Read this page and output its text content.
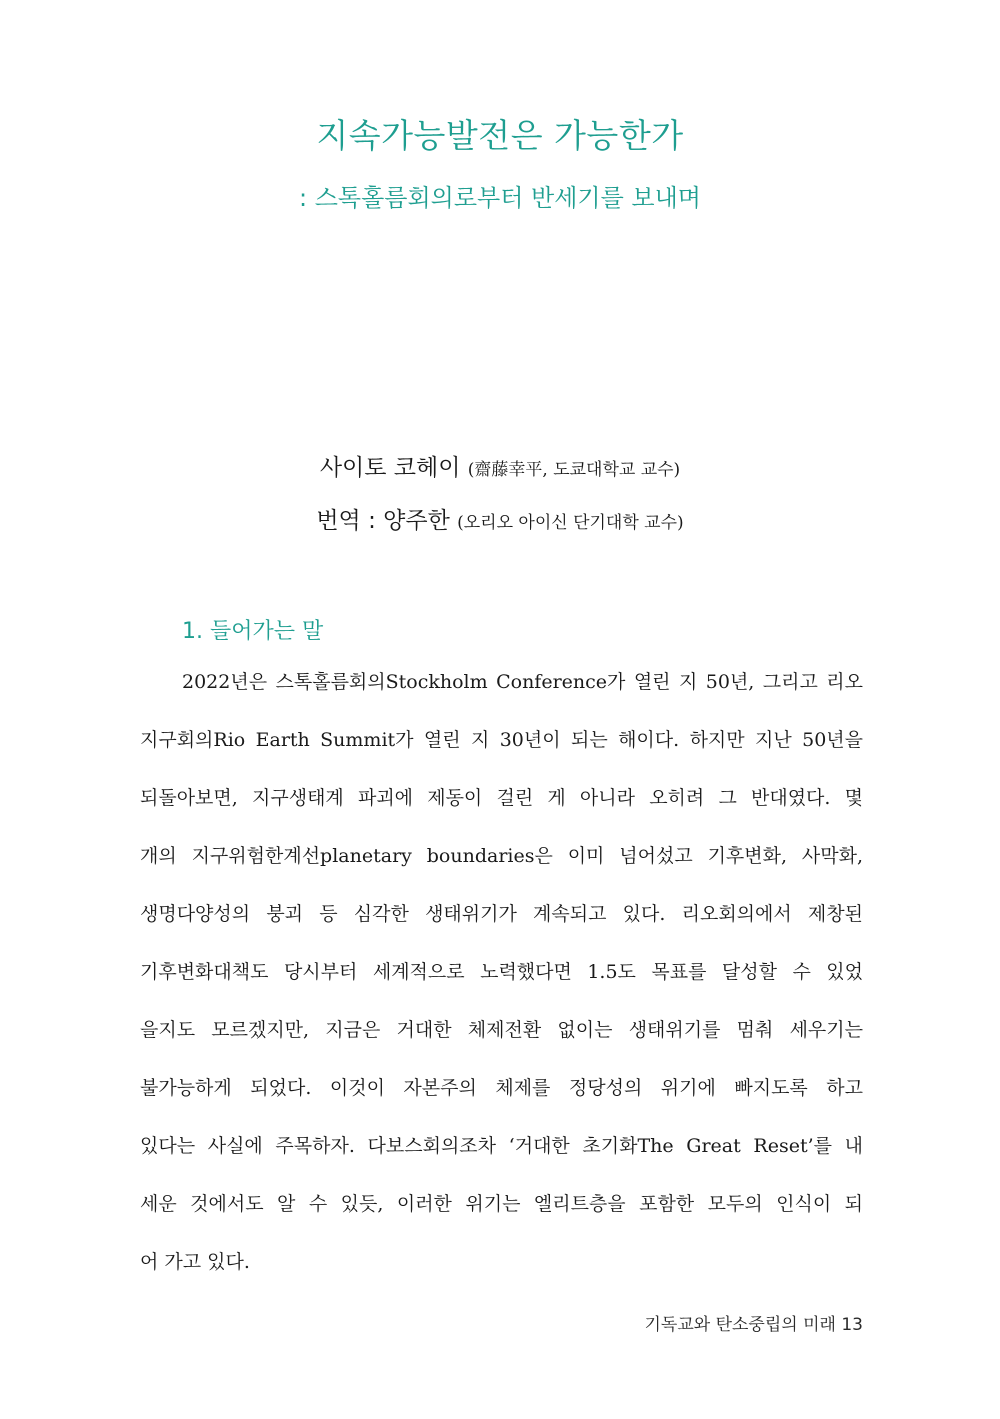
지속가능발전은 가능한가
: 스톡홀름회의로부터 반세기를 보내며
사이토 코헤이 (齋藤幸平, 도쿄대학교 교수)
번역 : 양주한 (오리오 아이신 단기대학 교수)
1. 들어가는 말
2022년은 스톡홀름회의Stockholm Conference가 열린 지 50년, 그리고 리오
지구회의Rio Earth Summit가 열린 지 30년이 되는 해이다. 하지만 지난 50년을
되돌아보면, 지구생태계 파괴에 제동이 걸린 게 아니라 오히려 그 반대였다. 몇
개의 지구위험한계선planetary boundaries은 이미 넘어섰고 기후변화, 사막화,
생명다양성의 붕괴 등 심각한 생태위기가 계속되고 있다. 리오회의에서 제창된
기후변화대책도 당시부터 세계적으로 노력했다면 1.5도 목표를 달성할 수 있었
을지도 모르겠지만, 지금은 거대한 체제전환 없이는 생태위기를 멈춰 세우기는
불가능하게 되었다. 이것이 자본주의 체제를 정당성의 위기에 빠지도록 하고
있다는 사실에 주목하자. 다보스회의조차 ‘거대한 초기화The Great Reset’를 내
세운 것에서도 알 수 있듯, 이러한 위기는 엘리트층을 포함한 모두의 인식이 되
어 가고 있다.
기독교와 탄소중립의 미래 13
